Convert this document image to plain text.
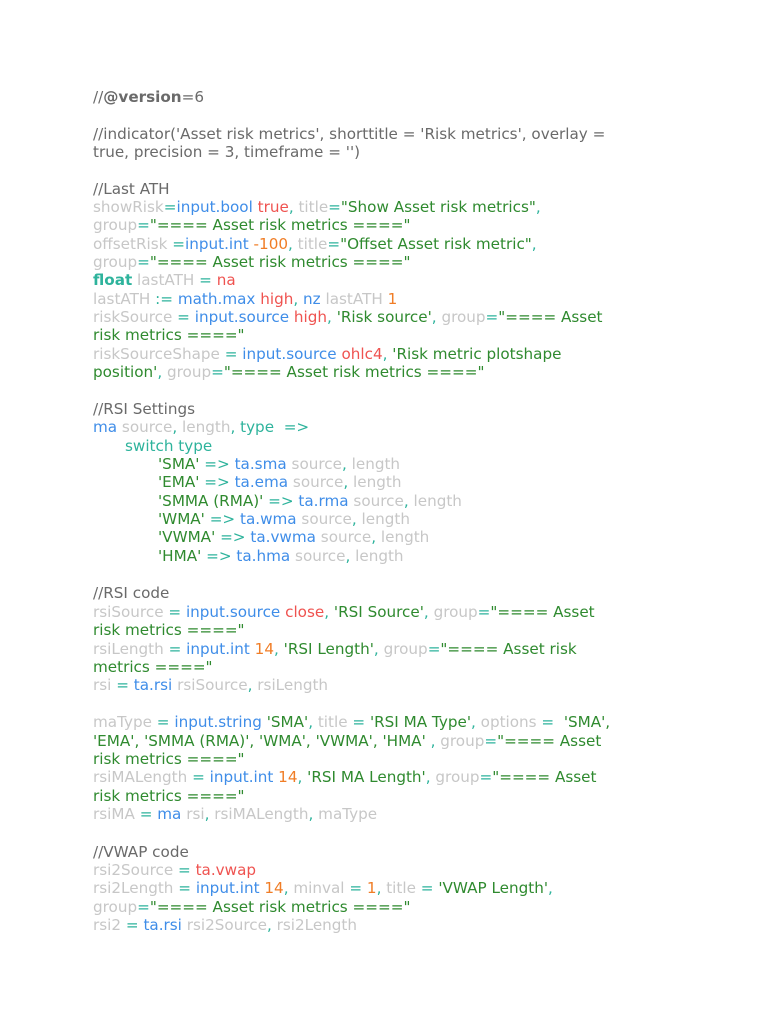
//@version=6
//indicator('Asset risk metrics', shorttitle = 'Risk metrics', overlay =
true, precision = 3, timeframe = '')
//Last ATH
showRisk=input.bool true, title="Show Asset risk metrics",
group="==== Asset risk metrics ===="
offsetRisk =input.int -100, title="Offset Asset risk metric",
group="==== Asset risk metrics ===="
float lastATH = na
lastATH := math.max high, nz lastATH 1
riskSource = input.source high, 'Risk source', group="==== Asset
risk metrics ===="
riskSourceShape = input.source ohlc4, 'Risk metric plotshape
position', group="==== Asset risk metrics ===="
//RSI Settings
ma source, length, type  =>
switch type
'SMA' => ta.sma source, length
'EMA' => ta.ema source, length
'SMMA (RMA)' => ta.rma source, length
'WMA' => ta.wma source, length
'VWMA' => ta.vwma source, length
'HMA' => ta.hma source, length
//RSI code
rsiSource = input.source close, 'RSI Source', group="==== Asset
risk metrics ===="
rsiLength = input.int 14, 'RSI Length', group="==== Asset risk
metrics ===="
rsi = ta.rsi rsiSource, rsiLength
maType = input.string 'SMA', title = 'RSI MA Type', options =  'SMA',
'EMA', 'SMMA (RMA)', 'WMA', 'VWMA', 'HMA' , group="==== Asset
risk metrics ===="
rsiMALength = input.int 14, 'RSI MA Length', group="==== Asset
risk metrics ===="
rsiMA = ma rsi, rsiMALength, maType
//VWAP code
rsi2Source = ta.vwap
rsi2Length = input.int 14, minval = 1, title = 'VWAP Length',
group="==== Asset risk metrics ===="
rsi2 = ta.rsi rsi2Source, rsi2Length
